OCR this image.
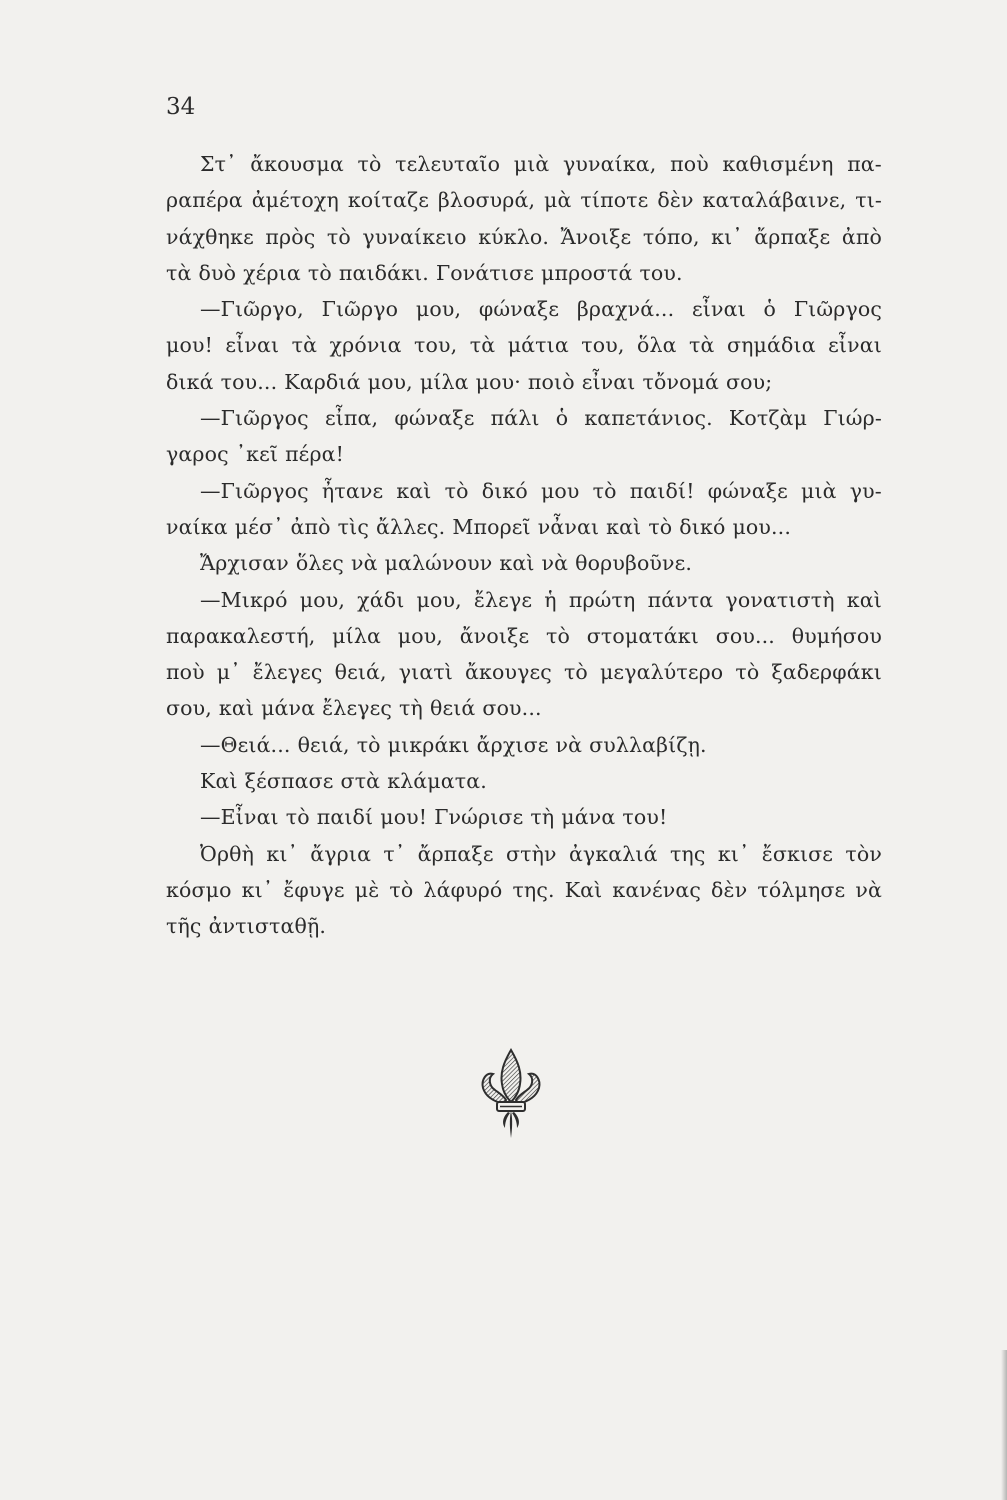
34
Στ᾿ ἄκουσμα τὸ τελευταῖο μιὰ γυναίκα, ποὺ καθισμένη πα-
ραπέρα ἀμέτοχη κοίταζε βλοσυρά, μὰ τίποτε δὲν καταλάβαινε, τι-
νάχθηκε πρὸς τὸ γυναίκειο κύκλο. Ἄνοιξε τόπο, κι᾿ ἄρπαξε ἀπὸ
τὰ δυὸ χέρια τὸ παιδάκι. Γονάτισε μπροστά του.
—Γιῶργο, Γιῶργο μου, φώναξε βραχνά... εἶναι ὁ Γιῶργος
μου! εἶναι τὰ χρόνια του, τὰ μάτια του, ὅλα τὰ σημάδια εἶναι
δικά του... Καρδιά μου, μίλα μου· ποιὸ εἶναι τὄνομά σου;
—Γιῶργος εἶπα, φώναξε πάλι ὁ καπετάνιος. Κοτζὰμ Γιώρ-
γαρος ᾿κεῖ πέρα!
—Γιῶργος ἦτανε καὶ τὸ δικό μου τὸ παιδί! φώναξε μιὰ γυ-
ναίκα μέσ᾿ ἀπὸ τὶς ἄλλες. Μπορεῖ νἆναι καὶ τὸ δικό μου...
Ἄρχισαν ὅλες νὰ μαλώνουν καὶ νὰ θορυβοῦνε.
—Μικρό μου, χάδι μου, ἔλεγε ἡ πρώτη πάντα γονατιστὴ καὶ
παρακαλεστή, μίλα μου, ἄνοιξε τὸ στοματάκι σου... θυμήσου
ποὺ μ᾿ ἔλεγες θειά, γιατὶ ἄκουγες τὸ μεγαλύτερο τὸ ξαδερφάκι
σου, καὶ μάνα ἔλεγες τὴ θειά σου...
—Θειά... θειά, τὸ μικράκι ἄρχισε νὰ συλλαβίζῃ.
Καὶ ξέσπασε στὰ κλάματα.
—Εἶναι τὸ παιδί μου! Γνώρισε τὴ μάνα του!
Ὀρθὴ κι᾿ ἄγρια τ᾿ ἄρπαξε στὴν ἀγκαλιά της κι᾿ ἔσκισε τὸν
κόσμο κι᾿ ἔφυγε μὲ τὸ λάφυρό της. Καὶ κανένας δὲν τόλμησε νὰ
τῆς ἀντισταθῇ.
